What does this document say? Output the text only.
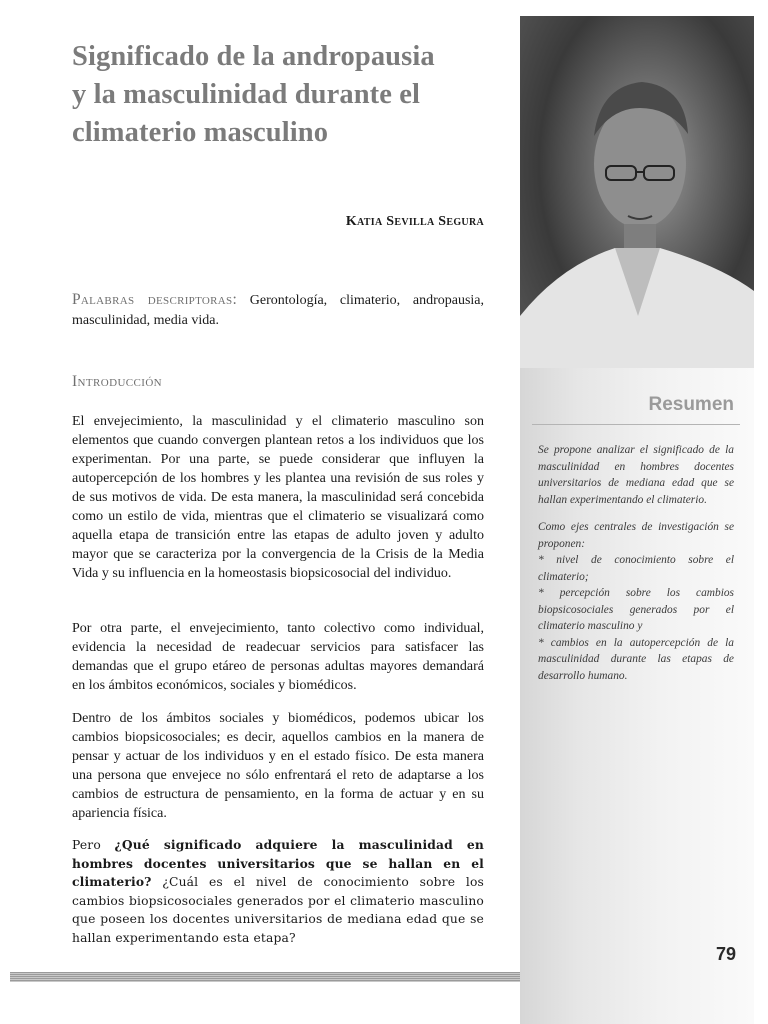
Significado de la andropausia
y la masculinidad durante el
climaterio masculino
Katia Sevilla Segura
Palabras descriptoras: Gerontología, climaterio, andropausia, masculinidad, media vida.
Introducción
El envejecimiento, la masculinidad y el climaterio masculino son elementos que cuando convergen plantean retos a los individuos que los experimentan. Por una parte, se puede considerar que influyen la autopercepción de los hombres y les plantea una revisión de sus roles y de sus motivos de vida. De esta manera, la masculinidad será concebida como un estilo de vida, mientras que el climaterio se visualizará como aquella etapa de transición entre las etapas de adulto joven y adulto mayor que se caracteriza por la convergencia de la Crisis de la Media Vida y su influencia en la homeostasis biopsicosocial del individuo.
Por otra parte, el envejecimiento, tanto colectivo como individual, evidencia la necesidad de readecuar servicios para satisfacer las demandas que el grupo etáreo de personas adultas mayores demandará en los ámbitos económicos, sociales y biomédicos.
Dentro de los ámbitos sociales y biomédicos, podemos ubicar los cambios biopsicosociales; es decir, aquellos cambios en la manera de pensar y actuar de los individuos y en el estado físico. De esta manera una persona que envejece no sólo enfrentará el reto de adaptarse a los cambios de estructura de pensamiento, en la forma de actuar y en su apariencia física.
Pero ¿Qué significado adquiere la masculinidad en hombres docentes universitarios que se hallan en el climaterio? ¿Cuál es el nivel de conocimiento sobre los cambios biopsicosociales generados por el climaterio masculino que poseen los docentes universitarios de mediana edad que se hallan experimentando esta etapa?
Resumen
Se propone analizar el significado de la masculinidad en hombres docentes universitarios de mediana edad que se hallan experimentando el climaterio.
Como ejes centrales de investigación se proponen:
* nivel de conocimiento sobre el climaterio;
* percepción sobre los cambios biopsicosociales generados por el climaterio masculino y
* cambios en la autopercepción de la masculinidad durante las etapas de desarrollo humano.
79
